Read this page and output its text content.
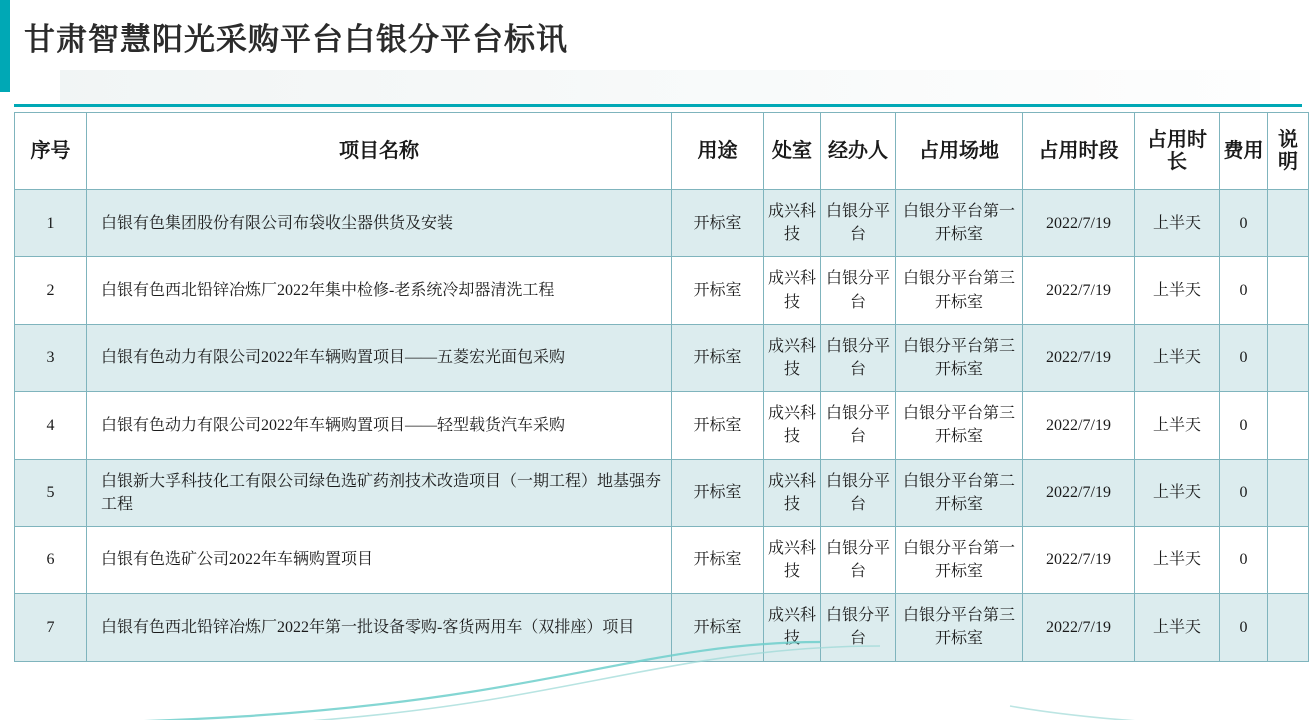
甘肃智慧阳光采购平台白银分平台标讯
序号	项目名称	用途	处室	经办人	占用场地	占用时段	占用时长	费用	说明
1	白银有色集团股份有限公司布袋收尘器供货及安装	开标室	成兴科技	白银分平台	白银分平台第一开标室	2022/7/19	上半天	0	
2	白银有色西北铅锌冶炼厂2022年集中检修-老系统冷却器清洗工程	开标室	成兴科技	白银分平台	白银分平台第三开标室	2022/7/19	上半天	0	
3	白银有色动力有限公司2022年车辆购置项目——五菱宏光面包采购	开标室	成兴科技	白银分平台	白银分平台第三开标室	2022/7/19	上半天	0	
4	白银有色动力有限公司2022年车辆购置项目——轻型载货汽车采购	开标室	成兴科技	白银分平台	白银分平台第三开标室	2022/7/19	上半天	0	
5	白银新大孚科技化工有限公司绿色选矿药剂技术改造项目（一期工程）地基强夯工程	开标室	成兴科技	白银分平台	白银分平台第二开标室	2022/7/19	上半天	0	
6	白银有色选矿公司2022年车辆购置项目	开标室	成兴科技	白银分平台	白银分平台第一开标室	2022/7/19	上半天	0	
7	白银有色西北铅锌冶炼厂2022年第一批设备零购-客货两用车（双排座）项目	开标室	成兴科技	白银分平台	白银分平台第三开标室	2022/7/19	上半天	0	
